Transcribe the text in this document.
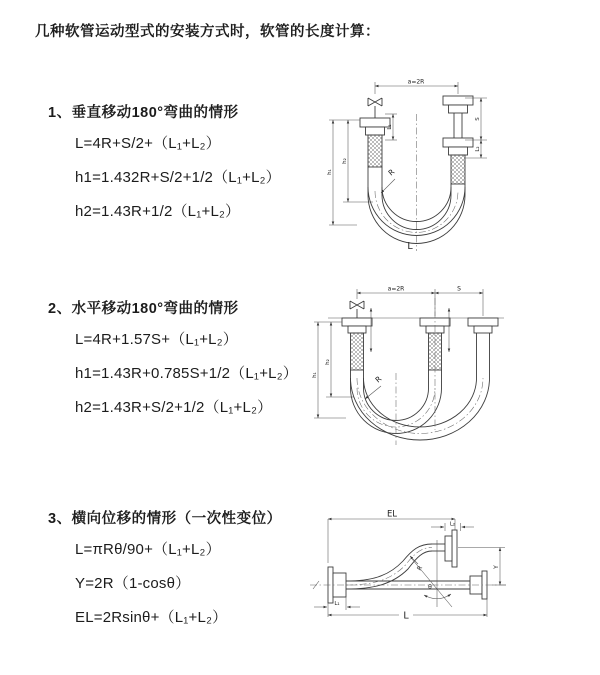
几种软管运动型式的安装方式时，软管的长度计算：
1、垂直移动180°弯曲的情形
L=4R+S/2+（L₁+L₂）
h1=1.432R+S/2+1/2（L₁+L₂）
h2=1.43R+1/2（L₁+L₂）
2、水平移动180°弯曲的情形
L=4R+1.57S+（L₁+L₂）
h1=1.43R+0.785S+1/2（L₁+L₂）
h2=1.43R+S/2+1/2（L₁+L₂）
3、横向位移的情形（一次性变位）
L=πRθ/90+（L₁+L₂）
Y=2R（1-cosθ）
EL=2Rsinθ+（L₁+L₂）
a=2R
L₁
S
L₂
h₂
h₁	R
L
a=2R	S
h₂
h₁	R
EL
L₂
Y
R
θ
L₁
L
